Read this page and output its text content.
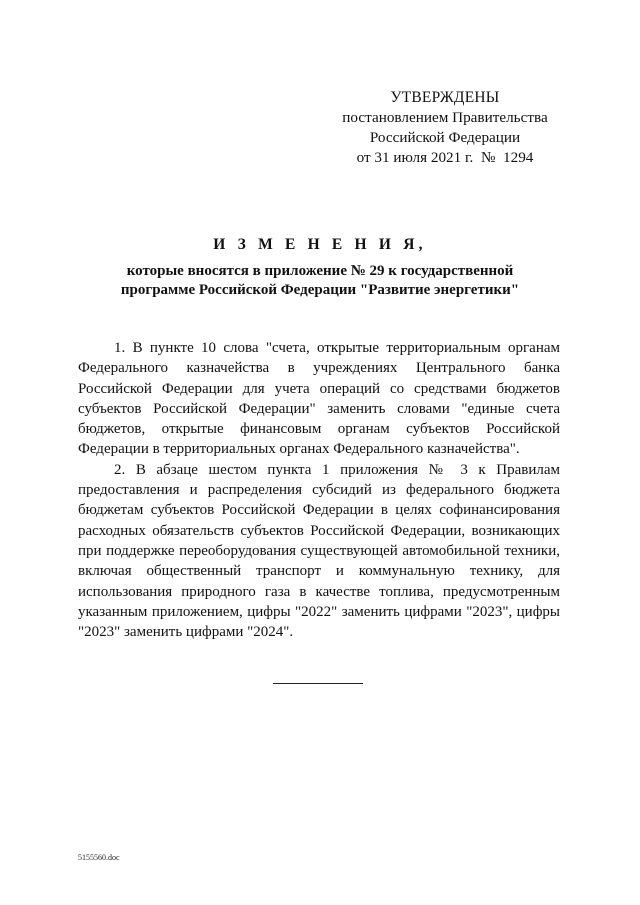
УТВЕРЖДЕНЫ
постановлением Правительства
Российской Федерации
от 31 июля 2021 г.  №  1294
И З М Е Н Е Н И Я,
которые вносятся в приложение № 29 к государственной
программе Российской Федерации "Развитие энергетики"

1. В пункте 10 слова "счета, открытые территориальным органам Федерального казначейства в учреждениях Центрального банка Российской Федерации для учета операций со средствами бюджетов субъектов Российской Федерации" заменить словами "единые счета бюджетов, открытые финансовым органам субъектов Российской Федерации в территориальных органах Федерального казначейства".

2. В абзаце шестом пункта 1 приложения № 3 к Правилам предоставления и распределения субсидий из федерального бюджета бюджетам субъектов Российской Федерации в целях софинансирования расходных обязательств субъектов Российской Федерации, возникающих при поддержке переоборудования существующей автомобильной техники, включая общественный транспорт и коммунальную технику, для использования природного газа в качестве топлива, предусмотренным указанным приложением, цифры "2022" заменить цифрами "2023", цифры "2023" заменить цифрами "2024".

5155560.doc
